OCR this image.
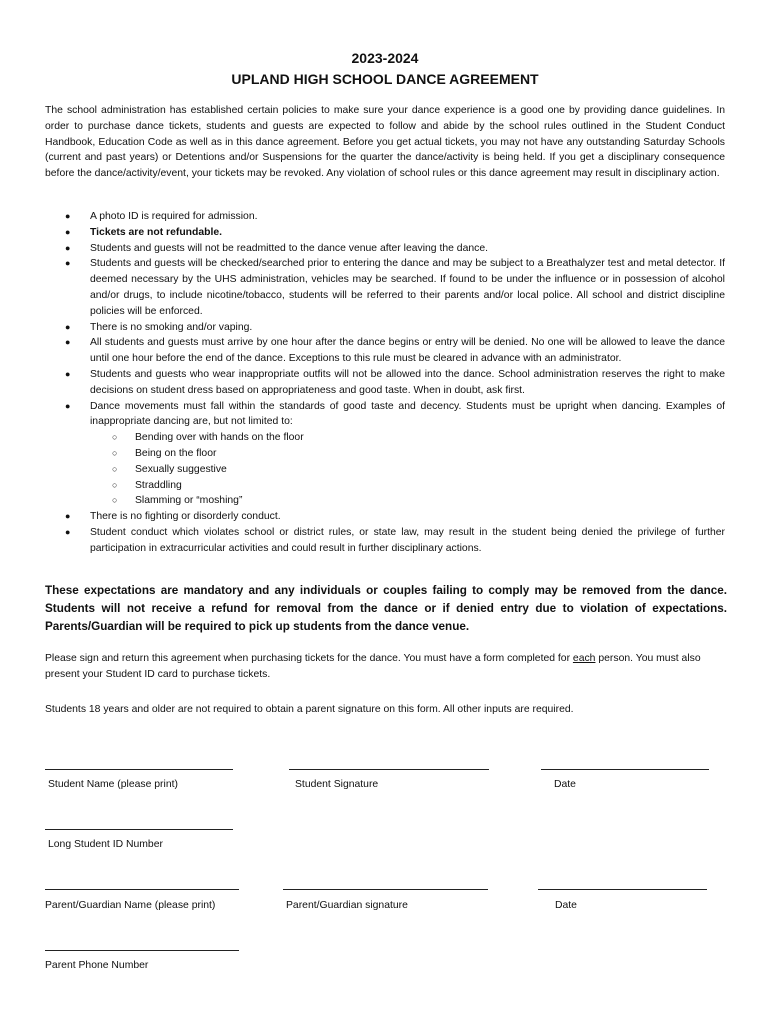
2023-2024
UPLAND HIGH SCHOOL DANCE AGREEMENT
The school administration has established certain policies to make sure your dance experience is a good one by providing dance guidelines. In order to purchase dance tickets, students and guests are expected to follow and abide by the school rules outlined in the Student Conduct Handbook, Education Code as well as in this dance agreement. Before you get actual tickets, you may not have any outstanding Saturday Schools (current and past years) or Detentions and/or Suspensions for the quarter the dance/activity is being held. If you get a disciplinary consequence before the dance/activity/event, your tickets may be revoked. Any violation of school rules or this dance agreement may result in disciplinary action.
● A photo ID is required for admission.
● Tickets are not refundable.
● Students and guests will not be readmitted to the dance venue after leaving the dance.
● Students and guests will be checked/searched prior to entering the dance and may be subject to a Breathalyzer test and metal detector. If deemed necessary by the UHS administration, vehicles may be searched. If found to be under the influence or in possession of alcohol and/or drugs, to include nicotine/tobacco, students will be referred to their parents and/or local police. All school and district discipline policies will be enforced.
● There is no smoking and/or vaping.
● All students and guests must arrive by one hour after the dance begins or entry will be denied. No one will be allowed to leave the dance until one hour before the end of the dance. Exceptions to this rule must be cleared in advance with an administrator.
● Students and guests who wear inappropriate outfits will not be allowed into the dance. School administration reserves the right to make decisions on student dress based on appropriateness and good taste. When in doubt, ask first.
● Dance movements must fall within the standards of good taste and decency. Students must be upright when dancing. Examples of inappropriate dancing are, but not limited to:
○ Bending over with hands on the floor
○ Being on the floor
○ Sexually suggestive
○ Straddling
○ Slamming or “moshing”
● There is no fighting or disorderly conduct.
● Student conduct which violates school or district rules, or state law, may result in the student being denied the privilege of further participation in extracurricular activities and could result in further disciplinary actions.
These expectations are mandatory and any individuals or couples failing to comply may be removed from the dance. Students will not receive a refund for removal from the dance or if denied entry due to violation of expectations. Parents/Guardian will be required to pick up students from the dance venue.
Please sign and return this agreement when purchasing tickets for the dance. You must have a form completed for each person. You must also present your Student ID card to purchase tickets.
Students 18 years and older are not required to obtain a parent signature on this form. All other inputs are required.
Student Name (please print)	Student Signature	Date
Long Student ID Number
Parent/Guardian Name (please print)	Parent/Guardian signature	Date
Parent Phone Number
